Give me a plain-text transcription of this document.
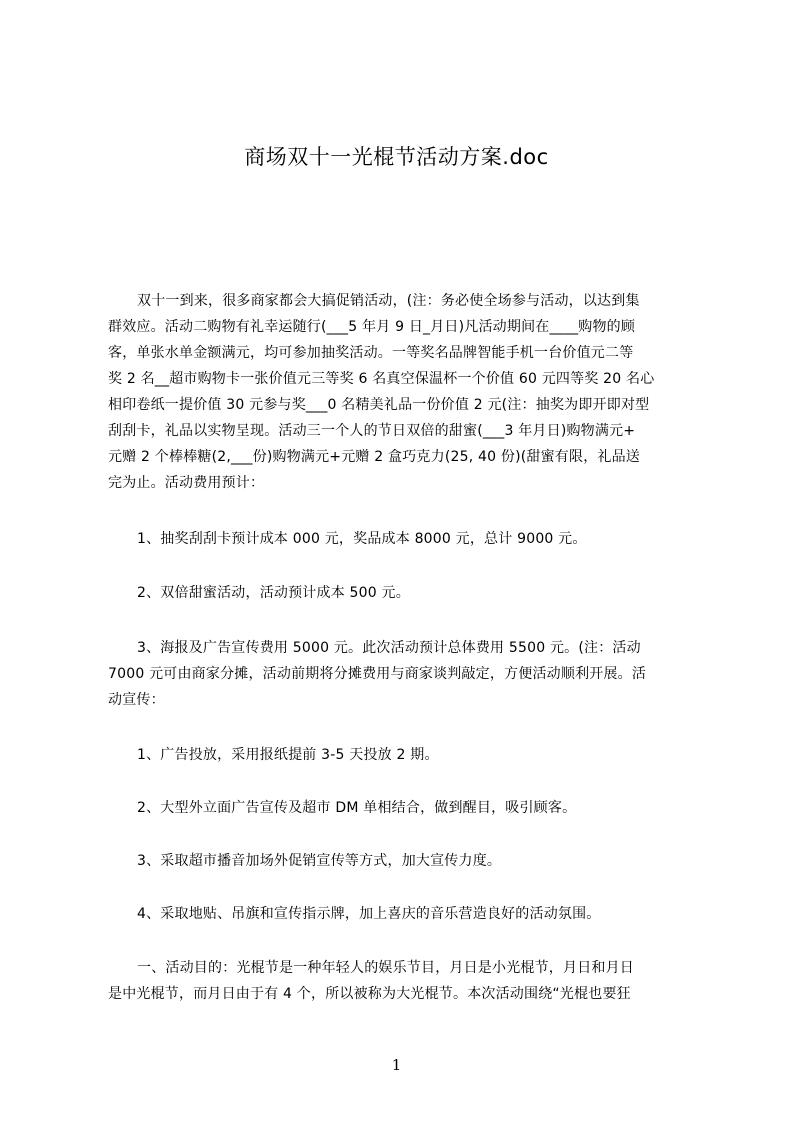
商场双十一光棍节活动方案.doc
双十一到来，很多商家都会大搞促销活动，(注：务必使全场参与活动，以达到集
群效应。活动二购物有礼幸运随行(___5 年月 9 日_月日)凡活动期间在____购物的顾
客，单张水单金额满元，均可参加抽奖活动。一等奖名品牌智能手机一台价值元二等
奖 2 名__超市购物卡一张价值元三等奖 6 名真空保温杯一个价值 60 元四等奖 20 名心
相印卷纸一提价值 30 元参与奖___0 名精美礼品一份价值 2 元(注：抽奖为即开即对型
刮刮卡，礼品以实物呈现。活动三一个人的节日双倍的甜蜜(___3 年月日)购物满元+
元赠 2 个棒棒糖(2,___份)购物满元+元赠 2 盒巧克力(25, 40 份)(甜蜜有限，礼品送
完为止。活动费用预计：
1、抽奖刮刮卡预计成本 000 元，奖品成本 8000 元，总计 9000 元。
2、双倍甜蜜活动，活动预计成本 500 元。
3、海报及广告宣传费用 5000 元。此次活动预计总体费用 5500 元。(注：活动
7000 元可由商家分摊，活动前期将分摊费用与商家谈判敲定，方便活动顺利开展。活
动宣传：
1、广告投放，采用报纸提前 3-5 天投放 2 期。
2、大型外立面广告宣传及超市 DM 单相结合，做到醒目，吸引顾客。
3、采取超市播音加场外促销宣传等方式，加大宣传力度。
4、采取地贴、吊旗和宣传指示牌，加上喜庆的音乐营造良好的活动氛围。
一、活动目的：光棍节是一种年轻人的娱乐节目，月日是小光棍节，月日和月日
是中光棍节，而月日由于有 4 个，所以被称为大光棍节。本次活动围绕“光棍也要狂
1
